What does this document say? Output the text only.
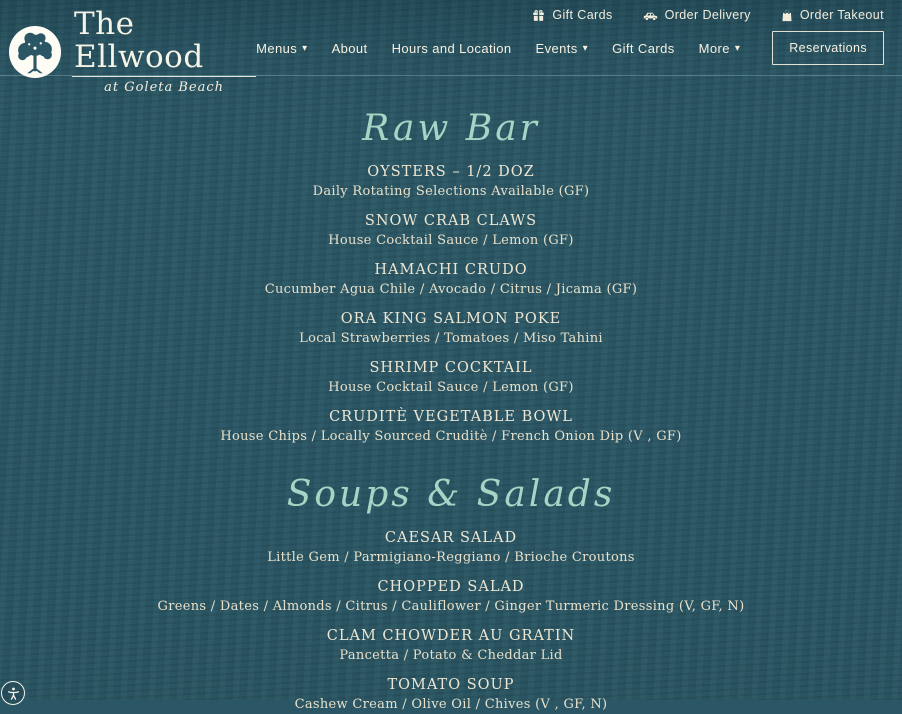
The Ellwood
at Goleta Beach
Gift Cards	Order Delivery	Order Takeout
Menus ▾ About Hours and Location Events ▾ Gift Cards More ▾	Reservations
Raw Bar
OYSTERS – 1/2 DOZ
Daily Rotating Selections Available (GF)
SNOW CRAB CLAWS
House Cocktail Sauce / Lemon (GF)
HAMACHI CRUDO
Cucumber Agua Chile / Avocado / Citrus / Jicama (GF)
ORA KING SALMON POKE
Local Strawberries / Tomatoes / Miso Tahini
SHRIMP COCKTAIL
House Cocktail Sauce / Lemon (GF)
CRUDITÈ VEGETABLE BOWL
House Chips / Locally Sourced Cruditè / French Onion Dip (V , GF)
Soups & Salads
CAESAR SALAD
Little Gem / Parmigiano-Reggiano / Brioche Croutons
CHOPPED SALAD
Greens / Dates / Almonds / Citrus / Cauliflower / Ginger Turmeric Dressing (V, GF, N)
CLAM CHOWDER AU GRATIN
Pancetta / Potato & Cheddar Lid
TOMATO SOUP
Cashew Cream / Olive Oil / Chives (V , GF, N)
